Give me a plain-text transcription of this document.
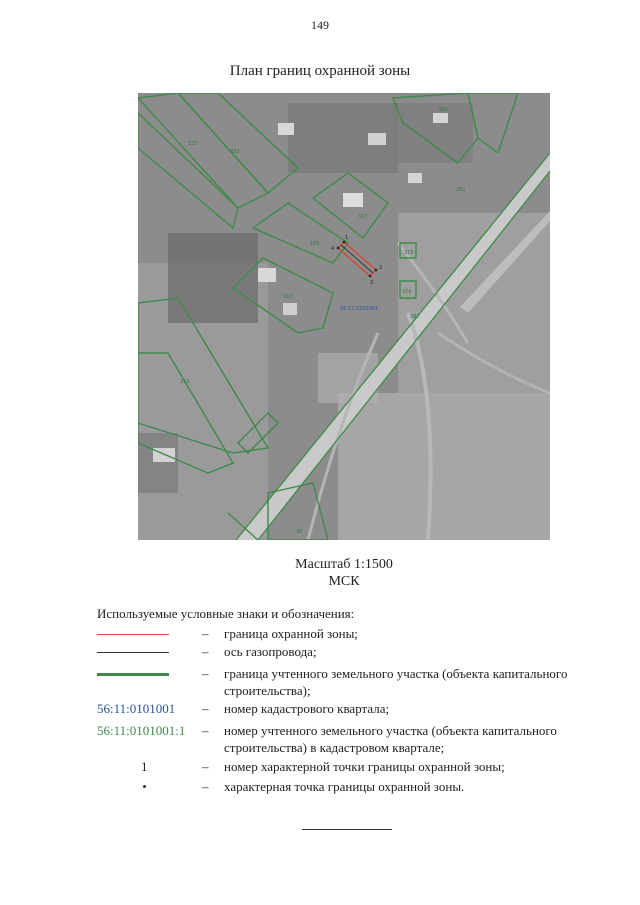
149
План границ охранной зоны
333
332
302
281
317
181
315
163
326
287
162
30
56:17:0302001
1
2
3
4
Масштаб 1:1500
МСК
Используемые условные знаки и обозначения:
– граница охранной зоны;
– ось газопровода;
– граница учтенного земельного участка (объекта капитального строительства);
56:11:0101001	– номер кадастрового квартала;
56:11:0101001:1	– номер учтенного земельного участка (объекта капитального строительства) в кадастровом квартале;
1	– номер характерной точки границы охранной зоны;
– характерная точка границы охранной зоны.
